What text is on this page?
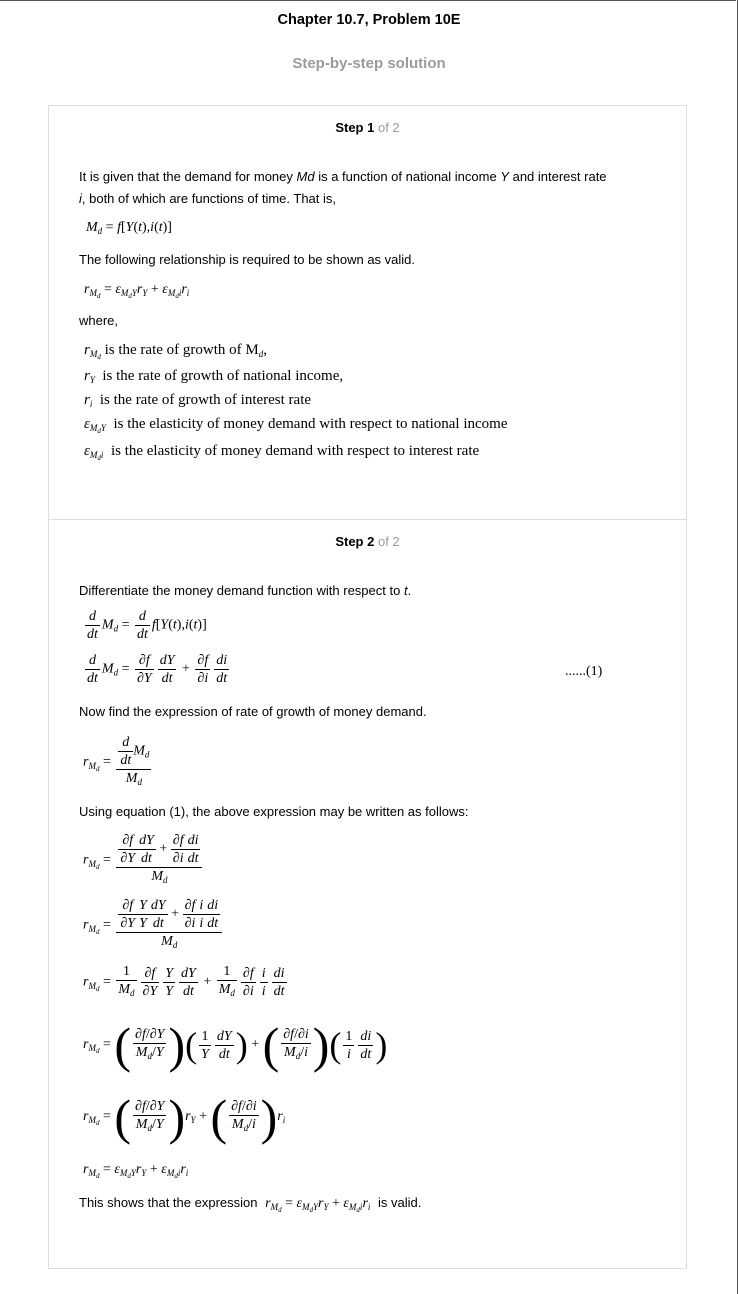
Chapter 10.7, Problem 10E
Step-by-step solution
Step 1 of 2
It is given that the demand for money Md is a function of national income Y and interest rate
i, both of which are functions of time. That is,
$M_d = f[Y(t),i(t)]$
The following relationship is required to be shown as valid.
$r_{M_d} = \varepsilon_{M_dY}r_Y + \varepsilon_{M_di}r_i$
where,
$r_{M_d}$ is the rate of growth of $M_d$,
$r_Y$ is the rate of growth of national income,
$r_i$ is the rate of growth of interest rate
$\varepsilon_{M_dY}$ is the elasticity of money demand with respect to national income
$\varepsilon_{M_di}$ is the elasticity of money demand with respect to interest rate
Step 2 of 2
Differentiate the money demand function with respect to t.
$\frac{d}{dt} M_d = \frac{d}{dt} f[Y(t),i(t)]$
$\frac{d}{dt} M_d = \frac{\partial f}{\partial Y} \frac{dY}{dt} + \frac{\partial f}{\partial i} \frac{di}{dt}$	......(1)
Now find the expression of rate of growth of money demand.
$r_{M_d} = \frac{\frac{d}{dt} M_d}{M_d}$
Using equation (1), the above expression may be written as follows:
$r_{M_d} = \frac{\frac{\partial f}{\partial Y} \frac{dY}{dt} + \frac{\partial f}{\partial i} \frac{di}{dt}}{M_d}$
$r_{M_d} = \frac{\frac{\partial f}{\partial Y} \frac{Y}{Y} \frac{dY}{dt} + \frac{\partial f}{\partial i} \frac{i}{i} \frac{di}{dt}}{M_d}$
$r_{M_d} = \frac{1}{M_d} \frac{\partial f}{\partial Y} \frac{Y}{Y} \frac{dY}{dt} + \frac{1}{M_d} \frac{\partial f}{\partial i} \frac{i}{i} \frac{di}{dt}$
$r_{M_d}$ = ( $\frac{\partial f/\partial Y}{M_d/Y}$ )( $\frac{1}{Y} \frac{dY}{dt}$ ) + ( $\frac{\partial f/\partial i}{M_d/i}$ )( $\frac{1}{i} \frac{di}{dt}$ )
$r_{M_d}$ = ( $\frac{\partial f/\partial Y}{M_d/Y} )r_Y$ + ( $\frac{\partial f/\partial i}{M_d/i} )r_i$
$r_{M_d} = \varepsilon_{M_dY}r_Y + \varepsilon_{M_di}r_i$
This shows that the expression $r_{M_d} = \varepsilon_{M_dY}r_Y + \varepsilon_{M_di}r_i$ is valid.
